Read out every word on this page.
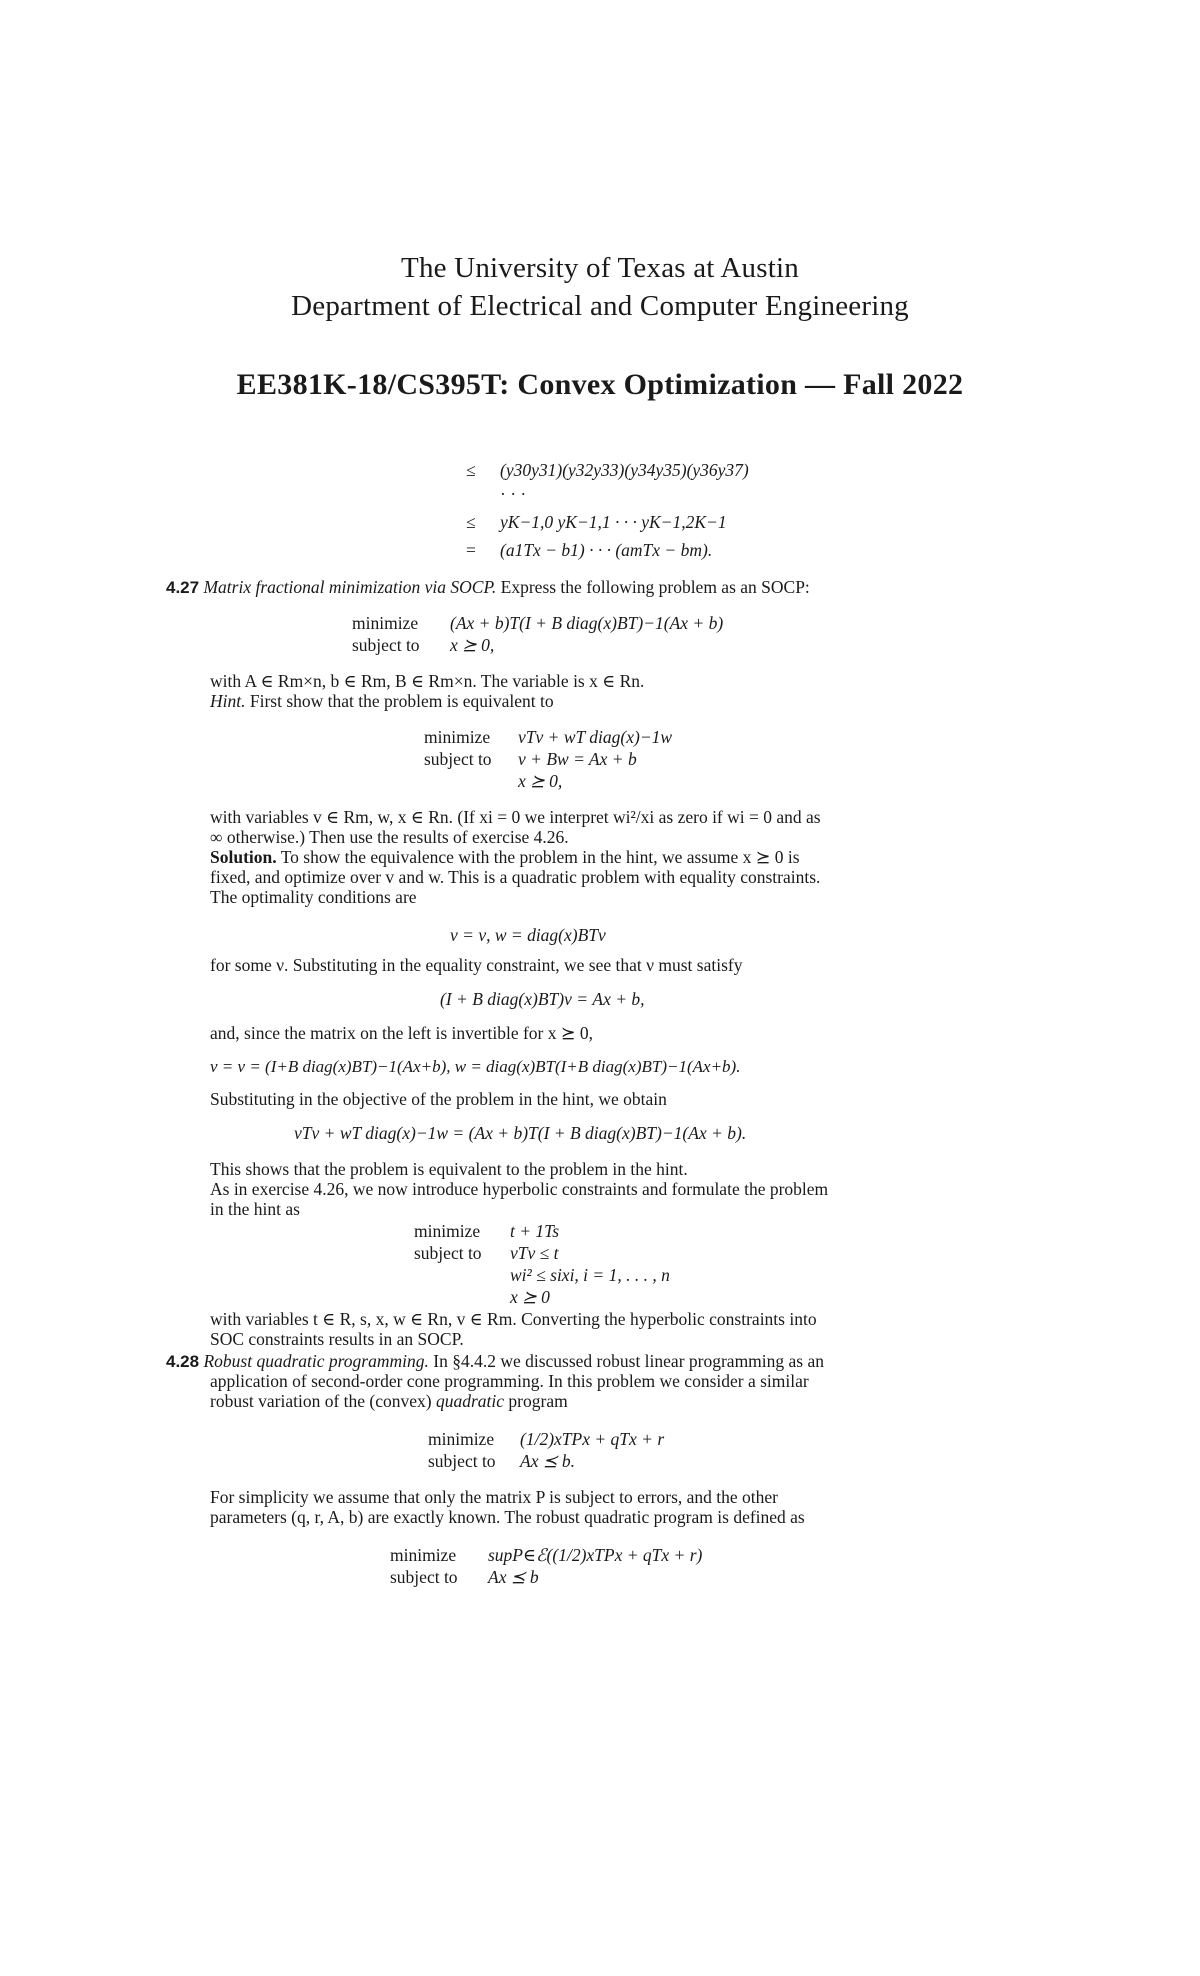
The University of Texas at Austin
Department of Electrical and Computer Engineering
EE381K-18/CS395T: Convex Optimization — Fall 2022
≤ (y30y31)(y32y33)(y34y35)(y36y37)
· · ·
≤ yK−1,0 yK−1,1 · · · yK−1,2K−1
= (a1Tx − b1) · · · (amTx − bm).
4.27 Matrix fractional minimization via SOCP. Express the following problem as an SOCP:
minimize (Ax + b)T(I + B diag(x)BT)−1(Ax + b)
subject to x ⪰ 0,
with A ∈ Rm×n, b ∈ Rm, B ∈ Rm×n. The variable is x ∈ Rn.
Hint. First show that the problem is equivalent to
minimize vTv + wT diag(x)−1w
subject to v + Bw = Ax + b
x ⪰ 0,
with variables v ∈ Rm, w, x ∈ Rn. (If xi = 0 we interpret wi²/xi as zero if wi = 0 and as
∞ otherwise.) Then use the results of exercise 4.26.
Solution. To show the equivalence with the problem in the hint, we assume x ⪰ 0 is
fixed, and optimize over v and w. This is a quadratic problem with equality constraints.
The optimality conditions are
v = ν, w = diag(x)BTν
for some ν. Substituting in the equality constraint, we see that ν must satisfy
(I + B diag(x)BT)ν = Ax + b,
and, since the matrix on the left is invertible for x ⪰ 0,
v = ν = (I+B diag(x)BT)−1(Ax+b), w = diag(x)BT(I+B diag(x)BT)−1(Ax+b).
Substituting in the objective of the problem in the hint, we obtain
vTv + wT diag(x)−1w = (Ax + b)T(I + B diag(x)BT)−1(Ax + b).
This shows that the problem is equivalent to the problem in the hint.
As in exercise 4.26, we now introduce hyperbolic constraints and formulate the problem
in the hint as
minimize t + 1Ts
subject to vTv ≤ t
wi² ≤ sixi, i = 1, . . . , n
x ⪰ 0
with variables t ∈ R, s, x, w ∈ Rn, v ∈ Rm. Converting the hyperbolic constraints into
SOC constraints results in an SOCP.
4.28 Robust quadratic programming. In §4.4.2 we discussed robust linear programming as an
application of second-order cone programming. In this problem we consider a similar
robust variation of the (convex) quadratic program
minimize (1/2)xTPx + qTx + r
subject to Ax ⪯ b.
For simplicity we assume that only the matrix P is subject to errors, and the other
parameters (q, r, A, b) are exactly known. The robust quadratic program is defined as
minimize supP∈ℰ((1/2)xTPx + qTx + r)
subject to Ax ⪯ b
